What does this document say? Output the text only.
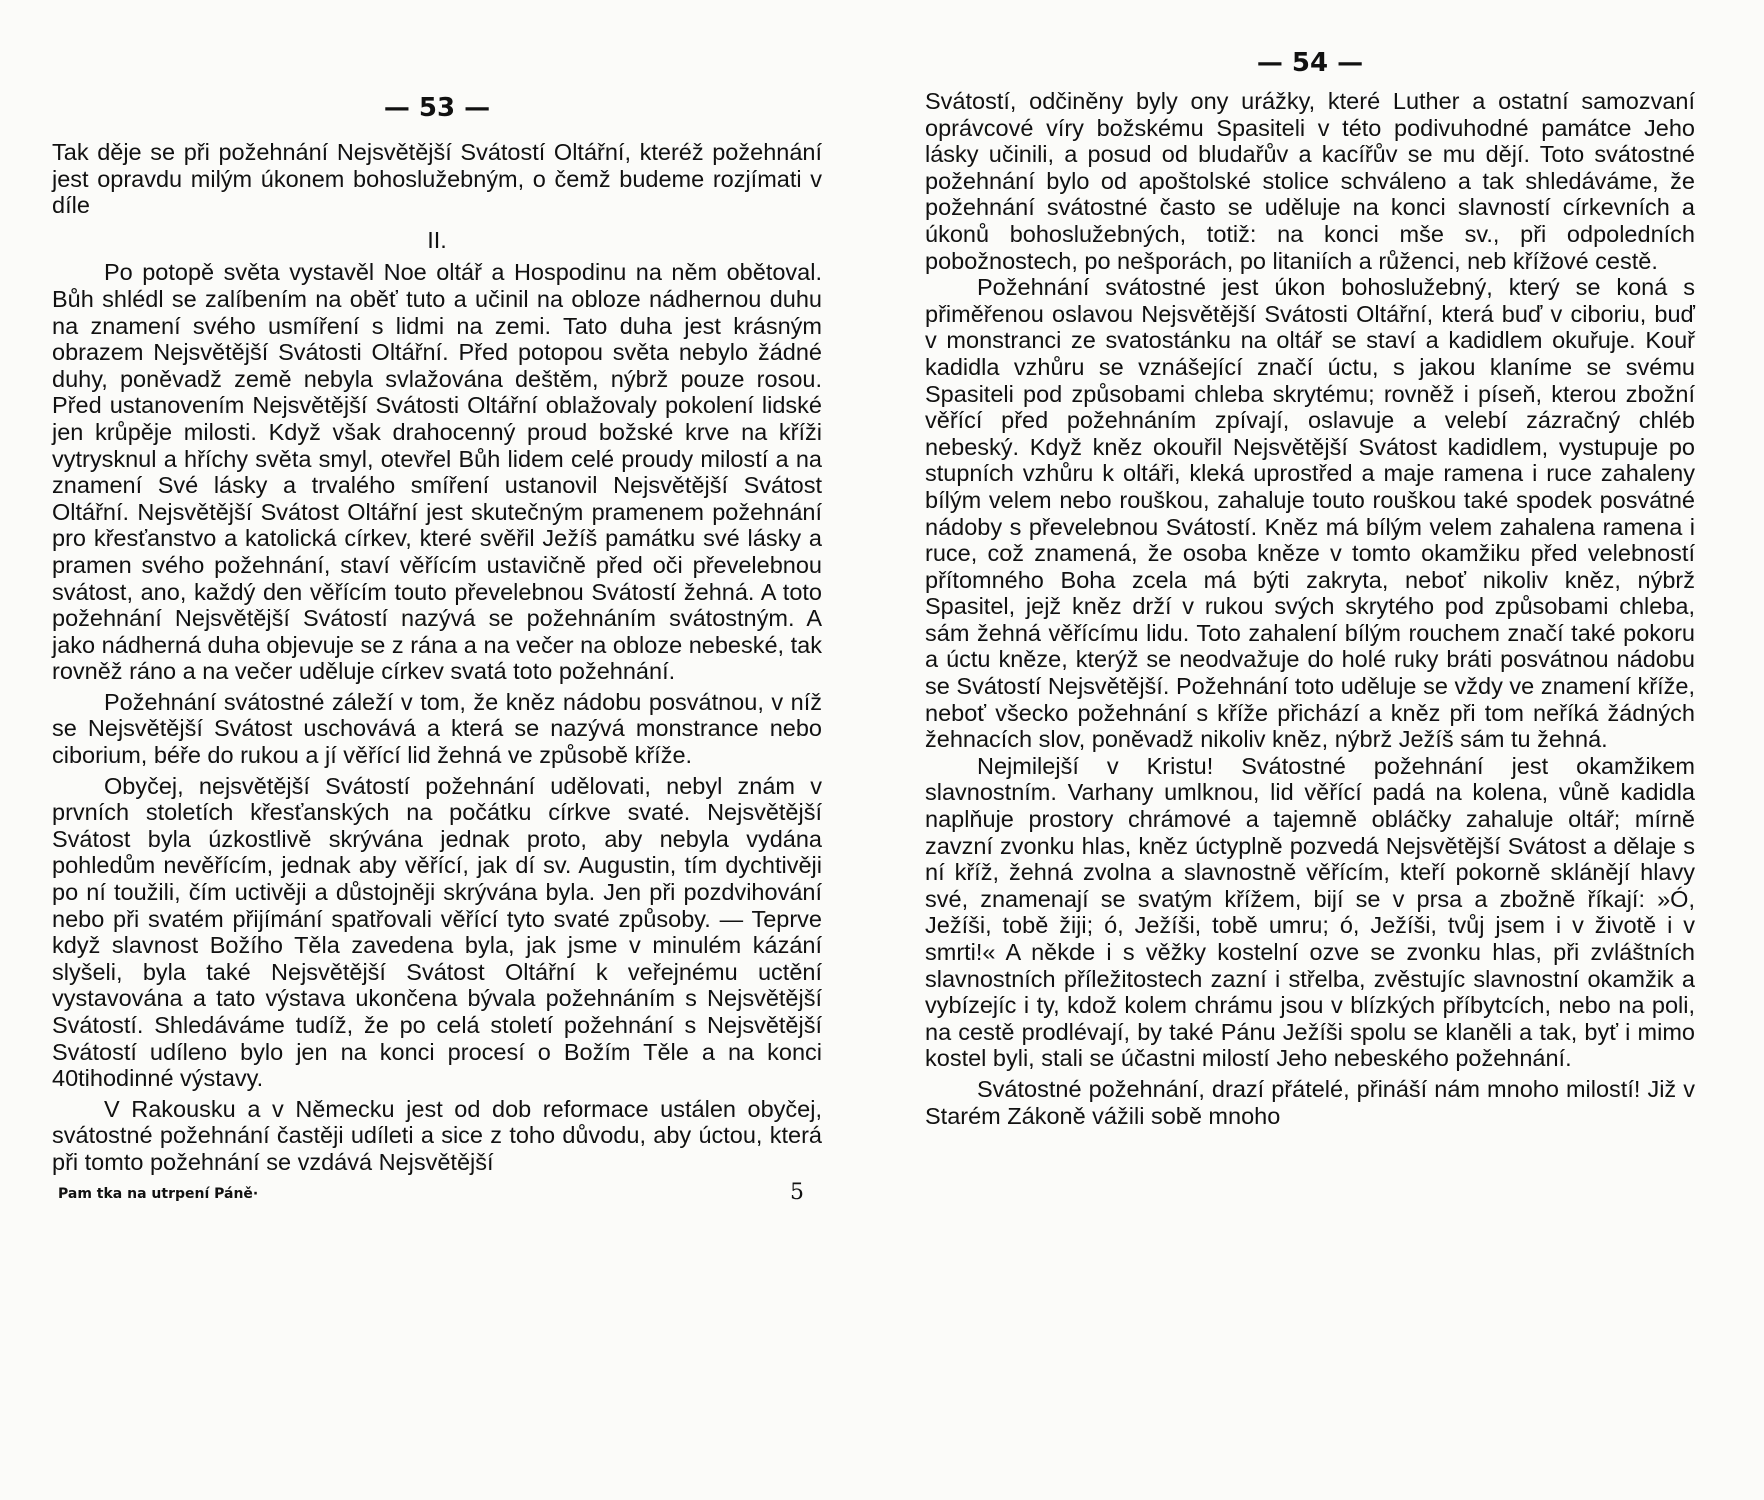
— 53 —

Tak děje se při požehnání Nejsvětější Svátostí Oltářní, kteréž požehnání jest opravdu milým úkonem bohoslužebným, o čemž budeme rozjímati v díle

II.

Po potopě světa vystavěl Noe oltář a Hospodinu na něm obětoval. Bůh shlédl se zalíbením na oběť tuto a učinil na obloze nádhernou duhu na znamení svého usmíření s lidmi na zemi. Tato duha jest krásným obrazem Nejsvětější Svátosti Oltářní. Před potopou světa nebylo žádné duhy, poněvadž země nebyla svlažována deštěm, nýbrž pouze rosou. Před ustanovením Nejsvětější Svátosti Oltářní oblažovaly pokolení lidské jen krůpěje milosti. Když však drahocenný proud božské krve na kříži vytrysknul a hříchy světa smyl, otevřel Bůh lidem celé proudy milostí a na znamení Své lásky a trvalého smíření ustanovil Nejsvětější Svátost Oltářní. Nejsvětější Svátost Oltářní jest skutečným pramenem požehnání pro křesťanstvo a katolická církev, které svěřil Ježíš památku své lásky a pramen svého požehnání, staví věřícím ustavičně před oči převelebnou svátost, ano, každý den věřícím touto převelebnou Svátostí žehná. A toto požehnání Nejsvětější Svátostí nazývá se požehnáním svátostným. A jako nádherná duha objevuje se z rána a na večer na obloze nebeské, tak rovněž ráno a na večer uděluje církev svatá toto požehnání.

Požehnání svátostné záleží v tom, že kněz nádobu posvátnou, v níž se Nejsvětější Svátost uschovává a která se nazývá monstrance nebo ciborium, béře do rukou a jí věřící lid žehná ve způsobě kříže.

Obyčej, nejsvětější Svátostí požehnání udělovati, nebyl znám v prvních stoletích křesťanských na počátku církve svaté. Nejsvětější Svátost byla úzkostlivě skrývána jednak proto, aby nebyla vydána pohledům nevěřícím, jednak aby věřící, jak dí sv. Augustin, tím dychtivěji po ní toužili, čím uctivěji a důstojněji skrývána byla. Jen při pozdvihování nebo při svatém přijímání spatřovali věřící tyto svaté způsoby. — Teprve když slavnost Božího Těla zavedena byla, jak jsme v minulém kázání slyšeli, byla také Nejsvětější Svátost Oltářní k veřejnému uctění vystavována a tato výstava ukončena bývala požehnáním s Nejsvětější Svátostí. Shledáváme tudíž, že po celá století požehnání s Nejsvětější Svátostí udíleno bylo jen na konci procesí o Božím Těle a na konci 40tihodinné výstavy.

V Rakousku a v Německu jest od dob reformace ustálen obyčej, svátostné požehnání častěji udíleti a sice z toho důvodu, aby úctou, která při tomto požehnání se vzdává Nejsvětější

Pam tka na utrpení Páně·	5

— 54 —

Svátostí, odčiněny byly ony urážky, které Luther a ostatní samozvaní oprávcové víry božskému Spasiteli v této podivuhodné památce Jeho lásky učinili, a posud od bludařův a kacířův se mu dějí. Toto svátostné požehnání bylo od apoštolské stolice schváleno a tak shledáváme, že požehnání svátostné často se uděluje na konci slavností církevních a úkonů bohoslužebných, totiž: na konci mše sv., při odpoledních pobožnostech, po nešporách, po litaniích a růženci, neb křížové cestě.

Požehnání svátostné jest úkon bohoslužebný, který se koná s přiměřenou oslavou Nejsvětější Svátosti Oltářní, která buď v ciboriu, buď v monstranci ze svatostánku na oltář se staví a kadidlem okuřuje. Kouř kadidla vzhůru se vznášející značí úctu, s jakou klaníme se svému Spasiteli pod způsobami chleba skrytému; rovněž i píseň, kterou zbožní věřící před požehnáním zpívají, oslavuje a velebí zázračný chléb nebeský. Když kněz okouřil Nejsvětější Svátost kadidlem, vystupuje po stupních vzhůru k oltáři, kleká uprostřed a maje ramena i ruce zahaleny bílým velem nebo rouškou, zahaluje touto rouškou také spodek posvátné nádoby s převelebnou Svátostí. Kněz má bílým velem zahalena ramena i ruce, což znamená, že osoba kněze v tomto okamžiku před velebností přítomného Boha zcela má býti zakryta, neboť nikoliv kněz, nýbrž Spasitel, jejž kněz drží v rukou svých skrytého pod způsobami chleba, sám žehná věřícímu lidu. Toto zahalení bílým rouchem značí také pokoru a úctu kněze, kterýž se neodvažuje do holé ruky bráti posvátnou nádobu se Svátostí Nejsvětější. Požehnání toto uděluje se vždy ve znamení kříže, neboť všecko požehnání s kříže přichází a kněz při tom neříká žádných žehnacích slov, poněvadž nikoliv kněz, nýbrž Ježíš sám tu žehná.

Nejmilejší v Kristu! Svátostné požehnání jest okamžikem slavnostním. Varhany umlknou, lid věřící padá na kolena, vůně kadidla naplňuje prostory chrámové a tajemně obláčky zahaluje oltář; mírně zavzní zvonku hlas, kněz úctyplně pozvedá Nejsvětější Svátost a dělaje s ní kříž, žehná zvolna a slavnostně věřícím, kteří pokorně sklánějí hlavy své, znamenají se svatým křížem, bijí se v prsa a zbožně říkají: »Ó, Ježíši, tobě žiji; ó, Ježíši, tobě umru; ó, Ježíši, tvůj jsem i v životě i v smrti!« A někde i s věžky kostelní ozve se zvonku hlas, při zvláštních slavnostních příležitostech zazní i střelba, zvěstujíc slavnostní okamžik a vybízejíc i ty, kdož kolem chrámu jsou v blízkých příbytcích, nebo na poli, na cestě prodlévají, by také Pánu Ježíši spolu se klaněli a tak, byť i mimo kostel byli, stali se účastni milostí Jeho nebeského požehnání.

Svátostné požehnání, drazí přátelé, přináší nám mnoho milostí! Již v Starém Zákoně vážili sobě mnoho
